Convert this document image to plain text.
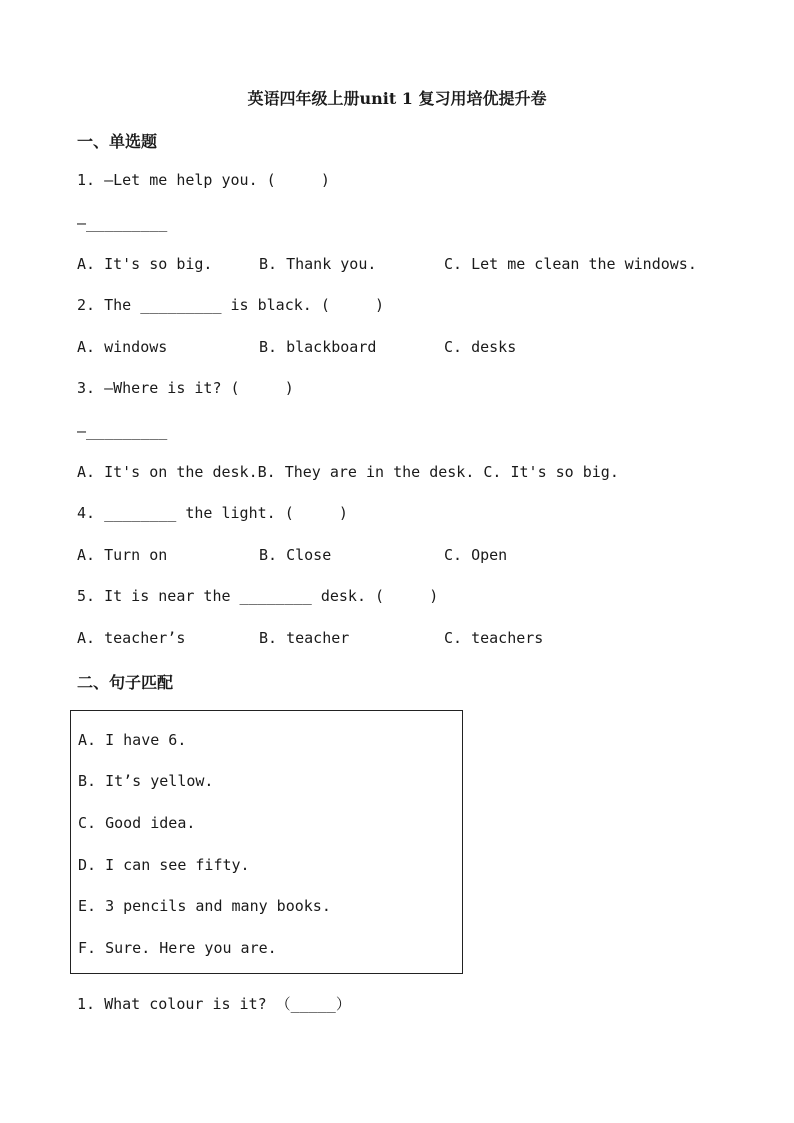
英语四年级上册unit 1 复习用培优提升卷
一、单选题
1. —Let me help you. (     )
—_________
A. It's so big.	B. Thank you.	C. Let me clean the windows.
2. The _________ is black. (     )
A. windows	B. blackboard	C. desks
3. —Where is it? (     )
—_________
A. It's on the desk.B. They are in the desk. C. It's so big.
4. ________ the light. (     )
A. Turn on	B. Close	C. Open
5. It is near the ________ desk. (     )
A. teacher’s	B. teacher	C. teachers
二、句子匹配
A. I have 6.
B. It’s yellow.
C. Good idea.
D. I can see fifty.
E. 3 pencils and many books.
F. Sure. Here you are.
1. What colour is it? （_____）
